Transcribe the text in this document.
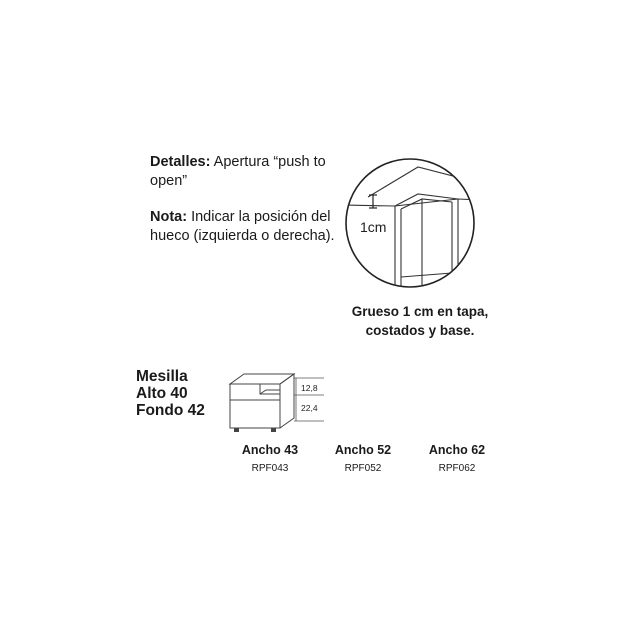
Detalles: Apertura “push to open”
Nota: Indicar la posición del hueco (izquierda o derecha).
1cm
Grueso 1 cm en tapa,
costados y base.
Mesilla
Alto 40
Fondo 42
12,8
22,4
Ancho 43
RPF043
Ancho 52
RPF052
Ancho 62
RPF062
